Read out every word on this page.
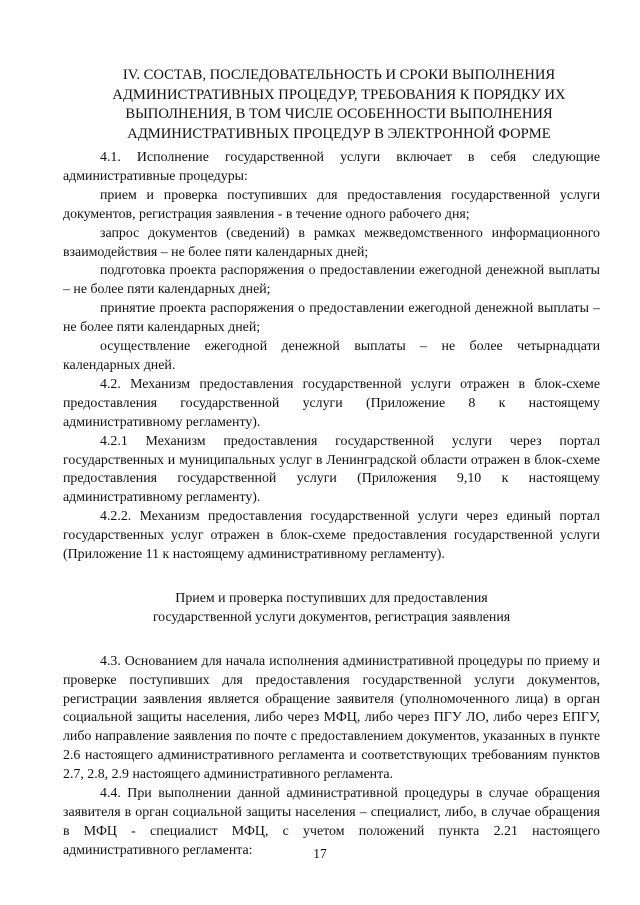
IV. СОСТАВ, ПОСЛЕДОВАТЕЛЬНОСТЬ И СРОКИ ВЫПОЛНЕНИЯ
АДМИНИСТРАТИВНЫХ ПРОЦЕДУР, ТРЕБОВАНИЯ К ПОРЯДКУ ИХ
ВЫПОЛНЕНИЯ, В ТОМ ЧИСЛЕ ОСОБЕННОСТИ ВЫПОЛНЕНИЯ
АДМИНИСТРАТИВНЫХ ПРОЦЕДУР В ЭЛЕКТРОННОЙ ФОРМЕ

4.1. Исполнение государственной услуги включает в себя следующие административные процедуры:

прием и проверка поступивших для предоставления государственной услуги документов, регистрация заявления - в течение одного рабочего дня;

запрос документов (сведений) в рамках межведомственного информационного взаимодействия – не более пяти календарных дней;

подготовка проекта распоряжения о предоставлении ежегодной денежной выплаты – не более пяти календарных дней;

принятие проекта распоряжения о предоставлении ежегодной денежной выплаты – не более пяти календарных дней;

осуществление ежегодной денежной выплаты – не более четырнадцати календарных дней.

4.2. Механизм предоставления государственной услуги отражен в блок-схеме предоставления государственной услуги (Приложение 8 к настоящему административному регламенту).

4.2.1 Механизм предоставления государственной услуги через портал государственных и муниципальных услуг в Ленинградской области отражен в блок-схеме предоставления государственной услуги (Приложения 9,10 к настоящему административному регламенту).

4.2.2. Механизм предоставления государственной услуги через единый портал государственных услуг отражен в блок-схеме предоставления государственной услуги (Приложение 11 к настоящему административному регламенту).

Прием и проверка поступивших для предоставления
государственной услуги документов, регистрация заявления

4.3. Основанием для начала исполнения административной процедуры по приему и проверке поступивших для предоставления государственной услуги документов, регистрации заявления является обращение заявителя (уполномоченного лица) в орган социальной защиты населения, либо через МФЦ, либо через ПГУ ЛО, либо через ЕПГУ, либо направление заявления по почте с предоставлением документов, указанных в пункте 2.6 настоящего административного регламента и соответствующих требованиям пунктов 2.7, 2.8, 2.9 настоящего административного регламента.

4.4. При выполнении данной административной процедуры в случае обращения заявителя в орган социальной защиты населения – специалист, либо, в случае обращения в МФЦ - специалист МФЦ, с учетом положений пункта 2.21 настоящего административного регламента:	17
